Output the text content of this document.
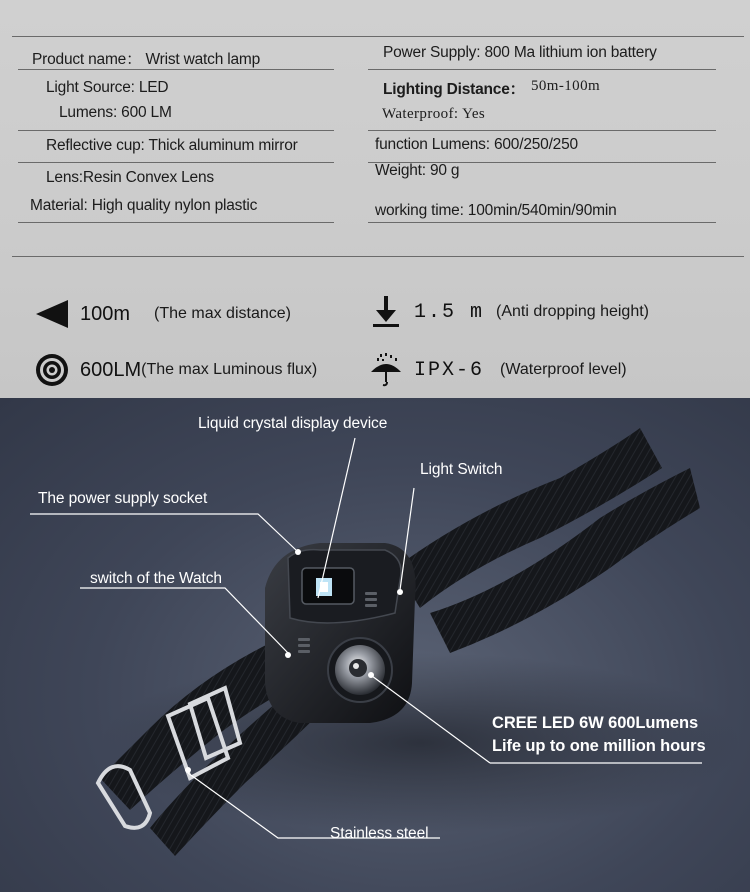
Product name： Wrist watch lamp	Power Supply: 800 Ma lithium ion battery
Light Source: LED	Lighting Distance： 50m-100m
Lumens: 600 LM	Waterproof: Yes
Reflective cup: Thick aluminum mirror	function Lumens: 600/250/250
Lens:Resin Convex Lens	Weight: 90 g
Material: High quality nylon plastic	working time: 100min/540min/90min
100m (The max distance)	1.5 m (Anti dropping height)
600LM (The max Luminous flux)	IPX-6 (Waterproof level)
Liquid crystal display device
Light Switch
The power supply socket
switch of the Watch
CREE LED 6W 600Lumens
Life up to one million hours
Stainless steel
